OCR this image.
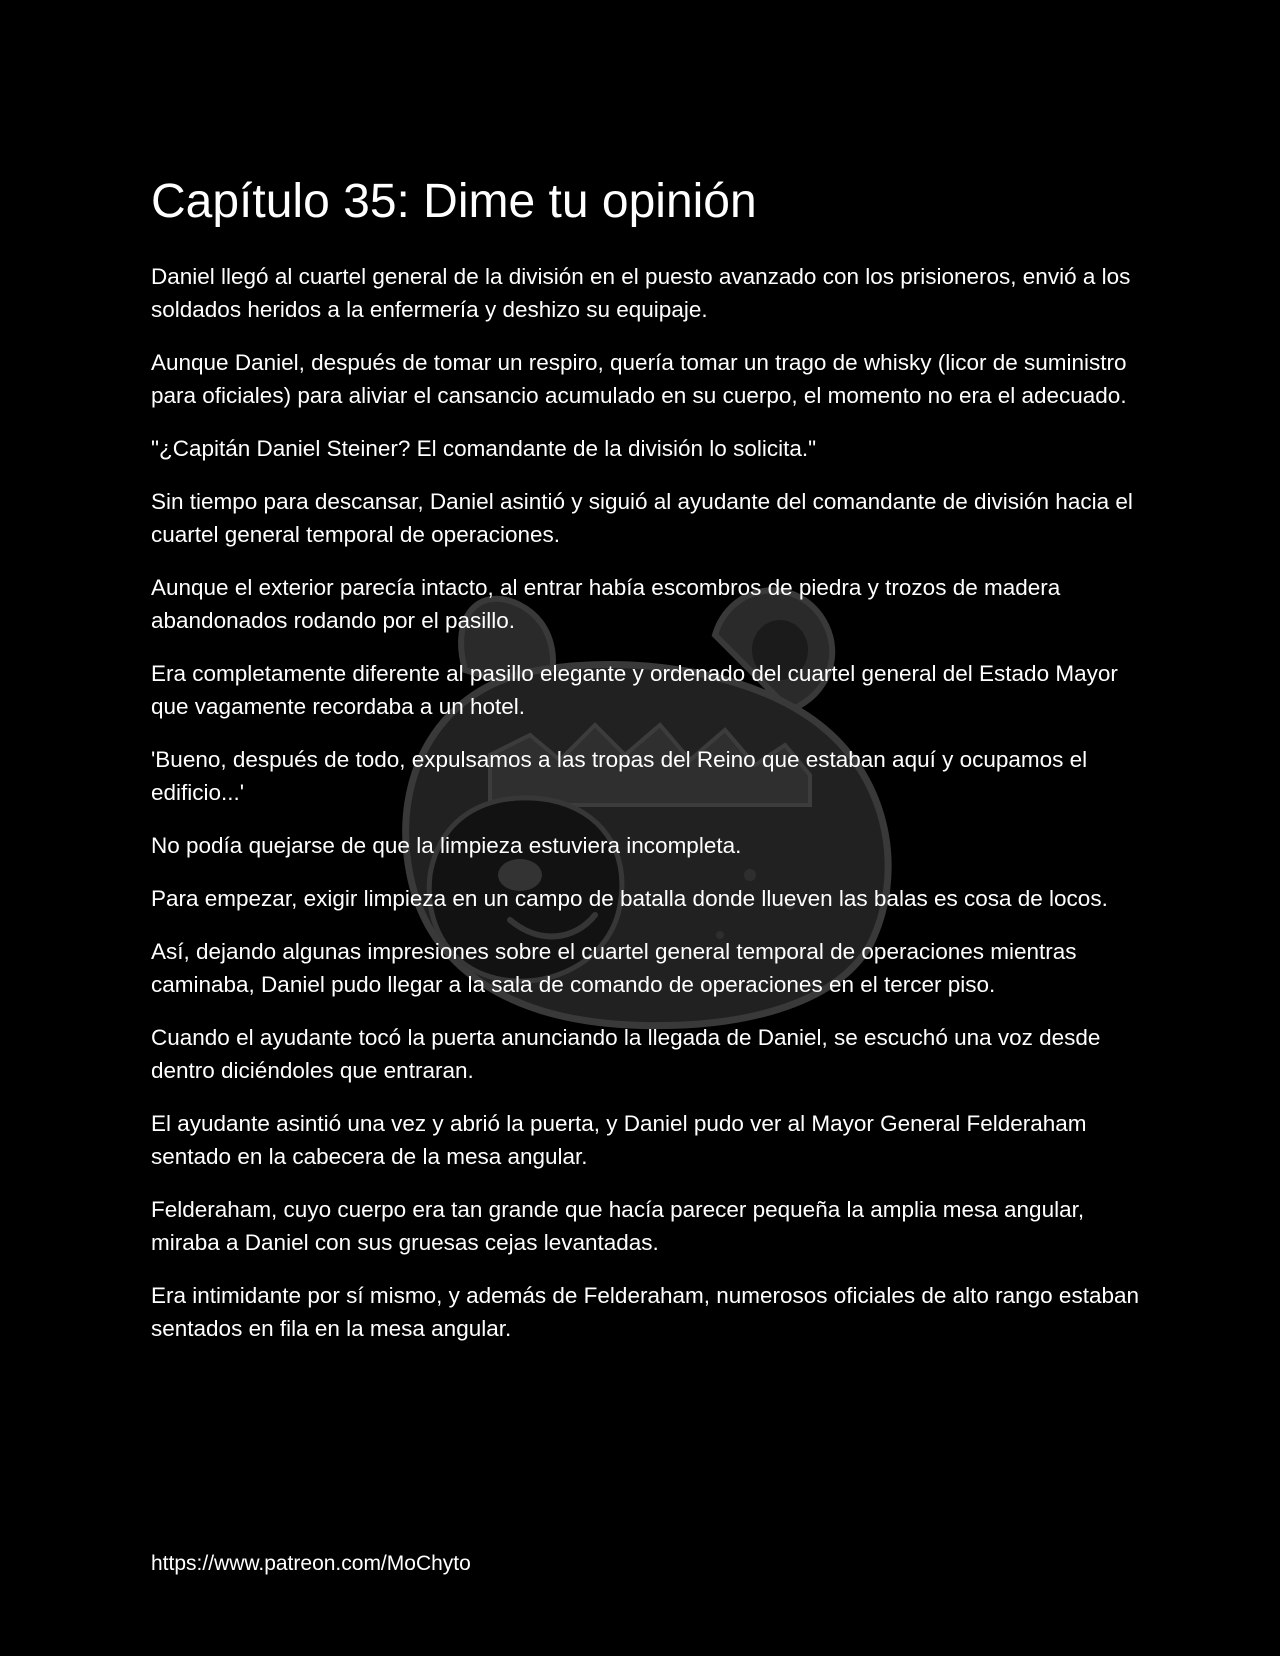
Capítulo 35: Dime tu opinión

Daniel llegó al cuartel general de la división en el puesto avanzado con los prisioneros, envió a los soldados heridos a la enfermería y deshizo su equipaje.

Aunque Daniel, después de tomar un respiro, quería tomar un trago de whisky (licor de suministro para oficiales) para aliviar el cansancio acumulado en su cuerpo, el momento no era el adecuado.

"¿Capitán Daniel Steiner? El comandante de la división lo solicita."

Sin tiempo para descansar, Daniel asintió y siguió al ayudante del comandante de división hacia el cuartel general temporal de operaciones.

Aunque el exterior parecía intacto, al entrar había escombros de piedra y trozos de madera abandonados rodando por el pasillo.

Era completamente diferente al pasillo elegante y ordenado del cuartel general del Estado Mayor que vagamente recordaba a un hotel.

'Bueno, después de todo, expulsamos a las tropas del Reino que estaban aquí y ocupamos el edificio...'

No podía quejarse de que la limpieza estuviera incompleta.

Para empezar, exigir limpieza en un campo de batalla donde llueven las balas es cosa de locos.

Así, dejando algunas impresiones sobre el cuartel general temporal de operaciones mientras caminaba, Daniel pudo llegar a la sala de comando de operaciones en el tercer piso.

Cuando el ayudante tocó la puerta anunciando la llegada de Daniel, se escuchó una voz desde dentro diciéndoles que entraran.

El ayudante asintió una vez y abrió la puerta, y Daniel pudo ver al Mayor General Felderaham sentado en la cabecera de la mesa angular.

Felderaham, cuyo cuerpo era tan grande que hacía parecer pequeña la amplia mesa angular, miraba a Daniel con sus gruesas cejas levantadas.

Era intimidante por sí mismo, y además de Felderaham, numerosos oficiales de alto rango estaban sentados en fila en la mesa angular.

https://www.patreon.com/MoChyto
